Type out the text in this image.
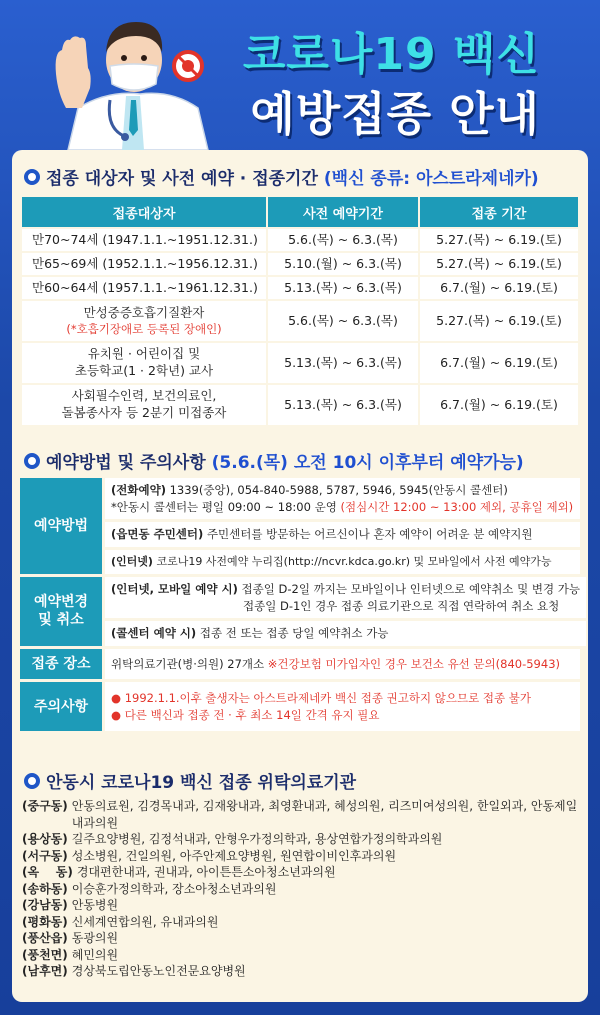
코로나19 백신
예방접종 안내
접종 대상자 및 사전 예약 · 접종기간 (백신 종류: 아스트라제네카)
접종대상자	사전 예약기간	접종 기간
만70~74세 (1947.1.1.~1951.12.31.)	5.6.(목) ~ 6.3.(목)	5.27.(목) ~ 6.19.(토)
만65~69세 (1952.1.1.~1956.12.31.)	5.10.(월) ~ 6.3.(목)	5.27.(목) ~ 6.19.(토)
만60~64세 (1957.1.1.~1961.12.31.)	5.13.(목) ~ 6.3.(목)	6.7.(월) ~ 6.19.(토)

만성중증호흡기질환자
(*호흡기장애로 등록된 장애인)	5.6.(목) ~ 6.3.(목)	5.27.(목) ~ 6.19.(토)

유치원 · 어린이집 및
초등학교(1 · 2학년) 교사	5.13.(목) ~ 6.3.(목)	6.7.(월) ~ 6.19.(토)

사회필수인력, 보건의료인,
돌봄종사자 등 2분기 미접종자	5.13.(목) ~ 6.3.(목)	6.7.(월) ~ 6.19.(토)
예약방법 및 주의사항 (5.6.(목) 오전 10시 이후부터 예약가능)
예약방법
(전화예약) 1339(중앙), 054-840-5988, 5787, 5946, 5945(안동시 콜센터)
*안동시 콜센터는 평일 09:00 ~ 18:00 운영 (점심시간 12:00 ~ 13:00 제외, 공휴일 제외)
(읍면동 주민센터) 주민센터를 방문하는 어르신이나 혼자 예약이 어려운 분 예약지원
(인터넷) 코로나19 사전예약 누리집(http://ncvr.kdca.go.kr) 및 모바일에서 사전 예약가능
예약변경
및 취소
(인터넷, 모바일 예약 시) 접종일 D-2일 까지는 모바일이나 인터넷으로 예약취소 및 변경 가능
접종일 D-1인 경우 접종 의료기관으로 직접 연락하여 취소 요청
(콜센터 예약 시) 접종 전 또는 접종 당일 예약취소 가능
접종 장소	위탁의료기관(병·의원) 27개소
※건강보험 미가입자인 경우 보건소 유선 문의(840-5943)
주의사항
● 1992.1.1.이후 출생자는 아스트라제네카 백신 접종 권고하지 않으므로 접종 불가
● 다른 백신과 접종 전 · 후 최소 14일 간격 유지 필요
안동시 코로나19 백신 접종 위탁의료기관
(중구동) 안동의료원, 김경목내과, 김재왕내과, 최영환내과, 혜성의원, 리즈미여성의원, 한일외과, 안동제일내과의원
(용상동) 길주요양병원, 김정석내과, 안형우가정의학과, 용상연합가정의학과의원
(서구동) 성소병원, 건일의원, 아주안제요양병원, 원연합이비인후과의원
(옥    동) 경대편한내과, 권내과, 아이튼튼소아청소년과의원
(송하동) 이승훈가정의학과, 장소아청소년과의원
(강남동) 안동병원
(평화동) 신세계연합의원, 유내과의원
(풍산읍) 동광의원
(풍천면) 혜민의원
(남후면) 경상북도립안동노인전문요양병원
